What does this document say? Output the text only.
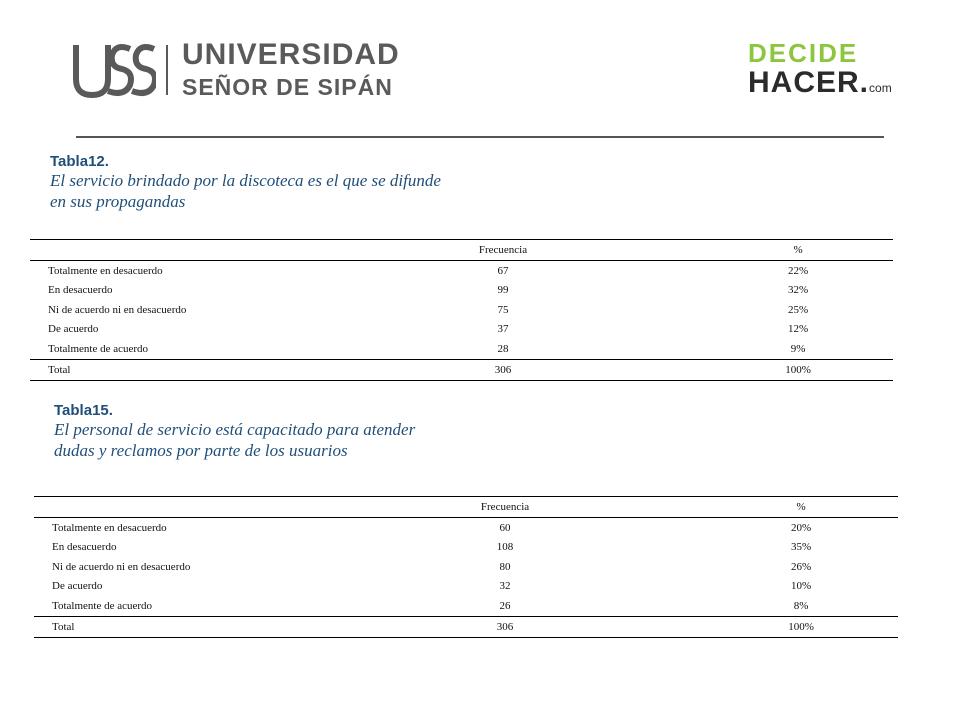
UNIVERSIDAD
SEÑOR DE SIPÁN
DECIDE
HACER.com
Tabla12.
El servicio brindado por la discoteca es el que se difunde
en sus propagandas
	Frecuencia	%
Totalmente en desacuerdo	67	22%
En desacuerdo	99	32%
Ni de acuerdo ni en desacuerdo	75	25%
De acuerdo	37	12%
Totalmente de acuerdo	28	9%
Total	306	100%
Tabla15.
El personal de servicio está capacitado para atender
dudas y reclamos por parte de los usuarios
	Frecuencia	%
Totalmente en desacuerdo	60	20%
En desacuerdo	108	35%
Ni de acuerdo ni en desacuerdo	80	26%
De acuerdo	32	10%
Totalmente de acuerdo	26	8%
Total	306	100%
